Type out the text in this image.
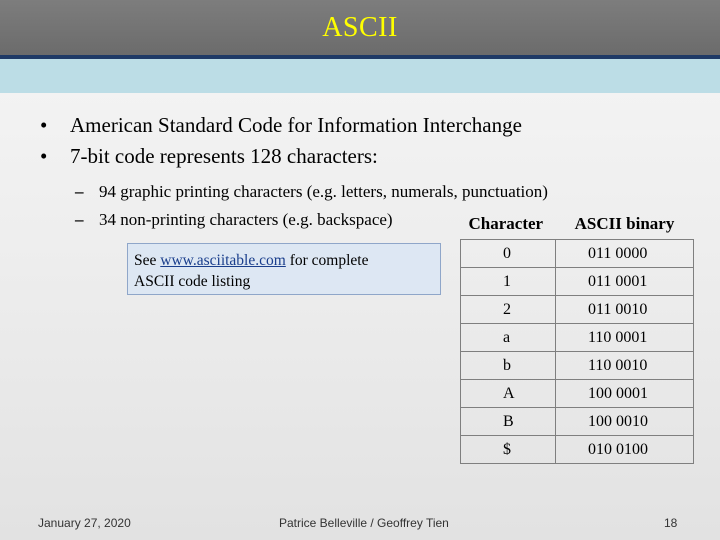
ASCII
•	American Standard Code for Information Interchange
•	7-bit code represents 128 characters:
– 94 graphic printing characters (e.g. letters, numerals, punctuation)
– 34 non-printing characters (e.g. backspace)
See www.asciitable.com for complete
ASCII code listing
Character	ASCII binary
0	011 0000
1	011 0001
2	011 0010
a	110 0001
b	110 0010
A	100 0001
B	100 0010
$	010 0100
January 27, 2020	Patrice Belleville / Geoffrey Tien	18
